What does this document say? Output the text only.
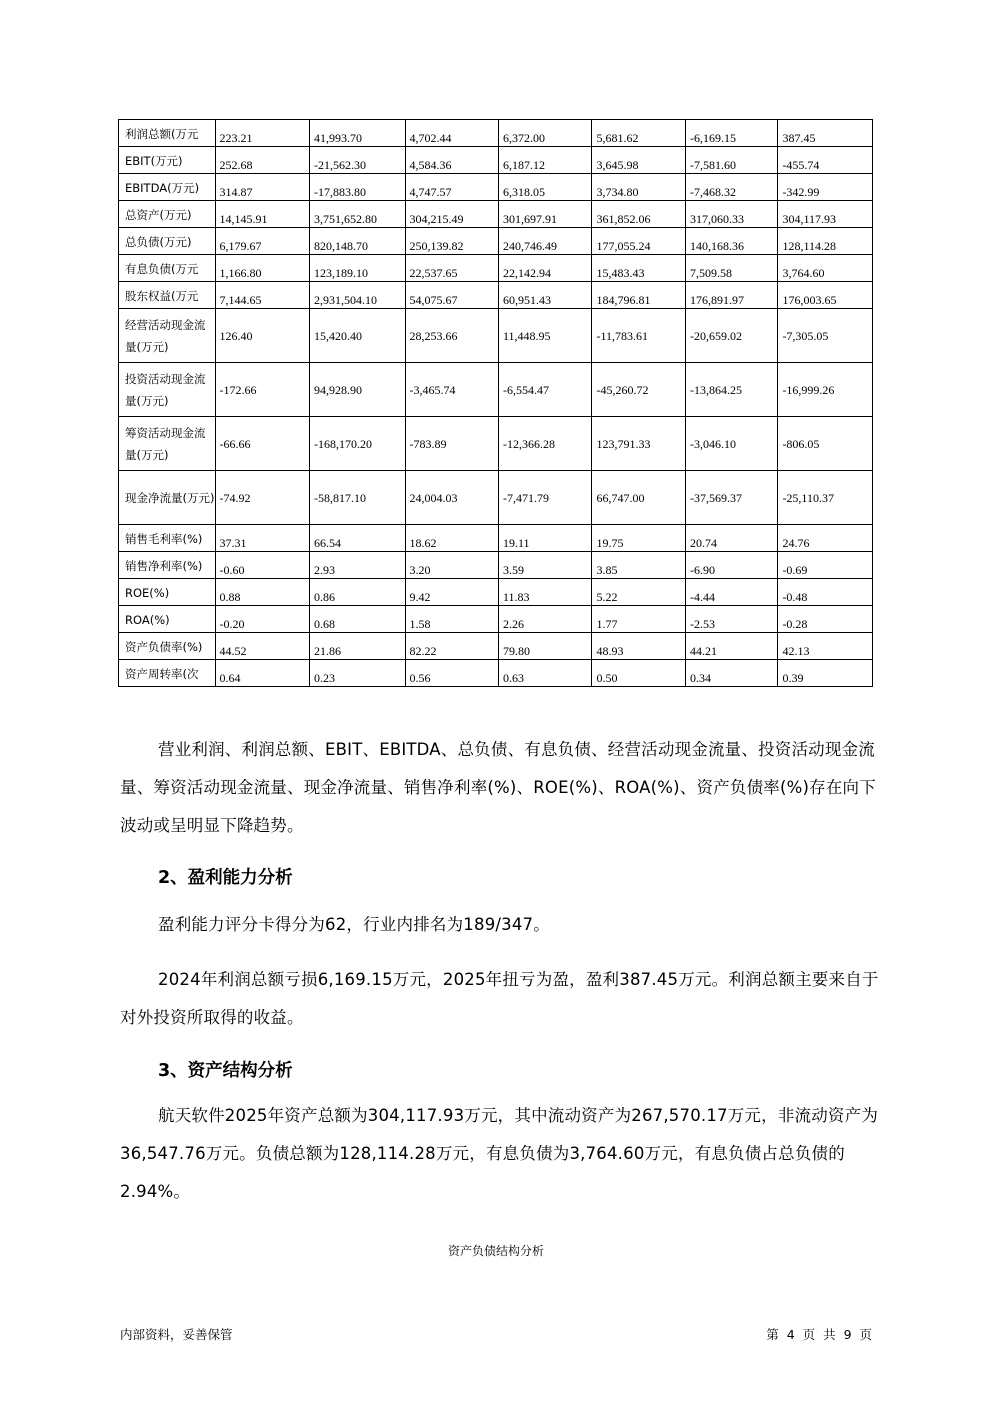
利润总额(万元	223.21	41,993.70	4,702.44	6,372.00	5,681.62	-6,169.15	387.45
EBIT(万元)	252.68	-21,562.30	4,584.36	6,187.12	3,645.98	-7,581.60	-455.74
EBITDA(万元)	314.87	-17,883.80	4,747.57	6,318.05	3,734.80	-7,468.32	-342.99
总资产(万元)	14,145.91	3,751,652.80	304,215.49	301,697.91	361,852.06	317,060.33	304,117.93
总负债(万元)	6,179.67	820,148.70	250,139.82	240,746.49	177,055.24	140,168.36	128,114.28
有息负债(万元	1,166.80	123,189.10	22,537.65	22,142.94	15,483.43	7,509.58	3,764.60
股东权益(万元	7,144.65	2,931,504.10	54,075.67	60,951.43	184,796.81	176,891.97	176,003.65
经营活动现金流量(万元)	126.40	15,420.40	28,253.66	11,448.95	-11,783.61	-20,659.02	-7,305.05
投资活动现金流量(万元)	-172.66	94,928.90	-3,465.74	-6,554.47	-45,260.72	-13,864.25	-16,999.26
筹资活动现金流量(万元)	-66.66	-168,170.20	-783.89	-12,366.28	123,791.33	-3,046.10	-806.05
现金净流量(万元)	-74.92	-58,817.10	24,004.03	-7,471.79	66,747.00	-37,569.37	-25,110.37
销售毛利率(%)	37.31	66.54	18.62	19.11	19.75	20.74	24.76
销售净利率(%)	-0.60	2.93	3.20	3.59	3.85	-6.90	-0.69
ROE(%)	0.88	0.86	9.42	11.83	5.22	-4.44	-0.48
ROA(%)	-0.20	0.68	1.58	2.26	1.77	-2.53	-0.28
资产负债率(%)	44.52	21.86	82.22	79.80	48.93	44.21	42.13
资产周转率(次	0.64	0.23	0.56	0.63	0.50	0.34	0.39
营业利润、利润总额、EBIT、EBITDA、总负债、有息负债、经营活动现金流量、投资活动现金流量、筹资活动现金流量、现金净流量、销售净利率(%)、ROE(%)、ROA(%)、资产负债率(%)存在向下波动或呈明显下降趋势。
2、盈利能力分析
盈利能力评分卡得分为62，行业内排名为189/347。
2024年利润总额亏损6,169.15万元，2025年扭亏为盈，盈利387.45万元。利润总额主要来自于对外投资所取得的收益。
3、资产结构分析
航天软件2025年资产总额为304,117.93万元，其中流动资产为267,570.17万元，非流动资产为36,547.76万元。负债总额为128,114.28万元，有息负债为3,764.60万元，有息负债占总负债的2.94%。
资产负债结构分析
内部资料，妥善保管	第 4 页 共 9 页
